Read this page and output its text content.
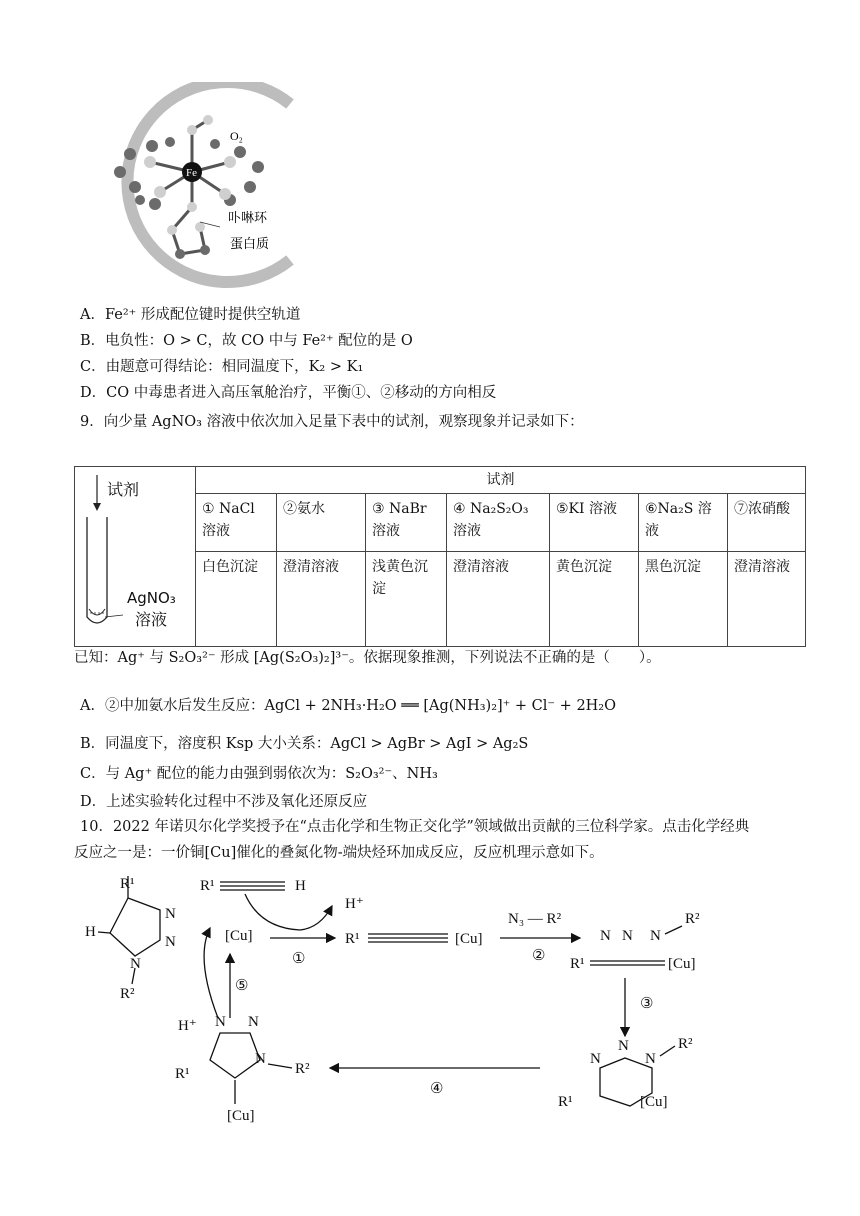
Fe
O₂
卟啉环
蛋白质
A．Fe²⁺ 形成配位键时提供空轨道
B．电负性：O > C，故 CO 中与 Fe²⁺ 配位的是 O
C．由题意可得结论：相同温度下，K₂ > K₁
D．CO 中毒患者进入高压氧舱治疗，平衡①、②移动的方向相反
9．向少量 AgNO₃ 溶液中依次加入足量下表中的试剂，观察现象并记录如下：
试剂
AgNO₃
溶液	试剂						
	① NaCl 溶液	②氨水	③ NaBr 溶液	④ Na₂S₂O₃ 溶液	⑤KI 溶液	⑥Na₂S 溶液	⑦浓硝酸
	白色沉淀	澄清溶液	浅黄色沉淀	澄清溶液	黄色沉淀	黑色沉淀	澄清溶液
已知：Ag⁺ 与 S₂O₃²⁻ 形成 [Ag(S₂O₃)₂]³⁻。依据现象推测，下列说法不正确的是（　　）。
A．②中加氨水后发生反应：AgCl + 2NH₃·H₂O ══ [Ag(NH₃)₂]⁺ + Cl⁻ + 2H₂O
B．同温度下，溶度积 Ksp 大小关系：AgCl > AgBr > AgI > Ag₂S
C．与 Ag⁺ 配位的能力由强到弱依次为：S₂O₃²⁻、NH₃
D．上述实验转化过程中不涉及氧化还原反应
10．2022 年诺贝尔化学奖授予在“点击化学和生物正交化学”领域做出贡献的三位科学家。点击化学经典
反应之一是：一价铜[Cu]催化的叠氮化物-端炔烃环加成反应，反应机理示意如下。
R¹
H
N
N
N
R²
R¹	H
[Cu]
H⁺
①
R¹	[Cu]
N₃ — R²
②
N N N
R²
R¹	[Cu]
③
N
N
N
R²
R¹	[Cu]
④
H⁺ N N
N
R²
R¹
[Cu]
⑤
